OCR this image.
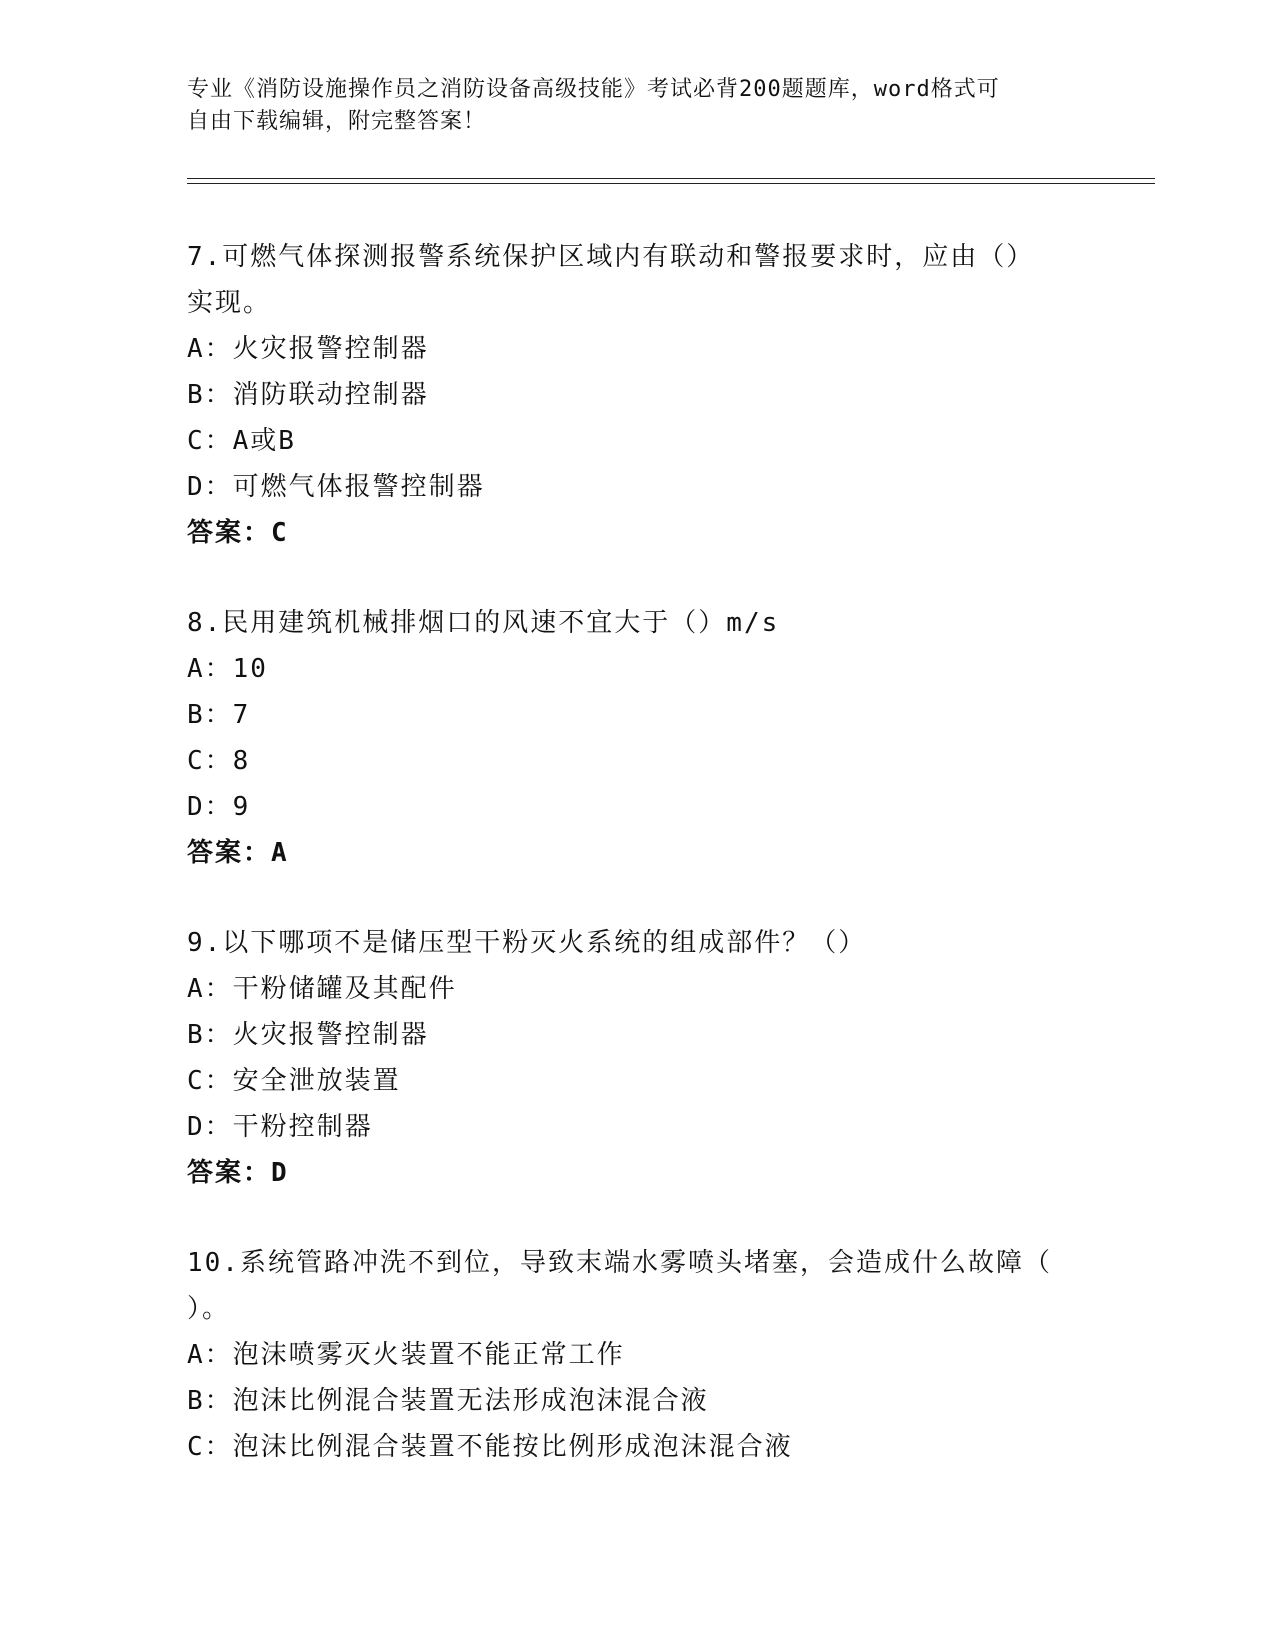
专业《消防设施操作员之消防设备高级技能》考试必背200题题库，word格式可
自由下载编辑，附完整答案！

7.可燃气体探测报警系统保护区域内有联动和警报要求时，应由（）

实现。

A：火灾报警控制器

B：消防联动控制器

C：A或B

D：可燃气体报警控制器

答案：C

8.民用建筑机械排烟口的风速不宜大于（）m/s

A：10

B：7

C：8

D：9

答案：A

9.以下哪项不是储压型干粉灭火系统的组成部件？（）

A：干粉储罐及其配件

B：火灾报警控制器

C：安全泄放装置

D：干粉控制器

答案：D

10.系统管路冲洗不到位，导致末端水雾喷头堵塞，会造成什么故障（

）。

A：泡沫喷雾灭火装置不能正常工作

B：泡沫比例混合装置无法形成泡沫混合液

C：泡沫比例混合装置不能按比例形成泡沫混合液
